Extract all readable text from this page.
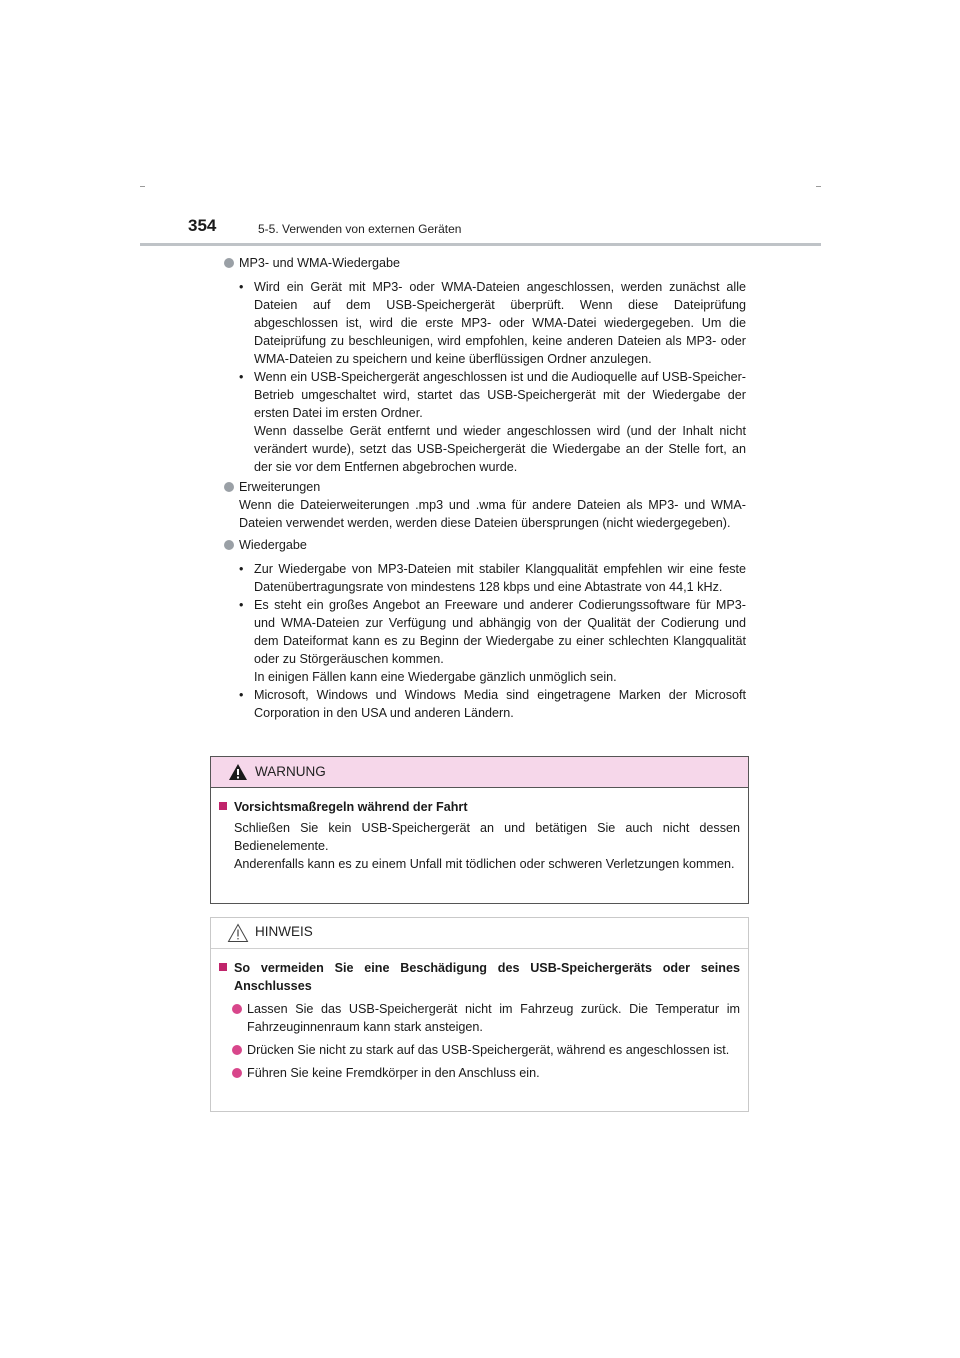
354	5-5. Verwenden von externen Geräten
MP3- und WMA-Wiedergabe
• Wird ein Gerät mit MP3- oder WMA-Dateien angeschlossen, werden zunächst alle Dateien auf dem USB-Speichergerät überprüft. Wenn diese Dateiprüfung abgeschlossen ist, wird die erste MP3- oder WMA-Datei wiedergegeben. Um die Dateiprüfung zu beschleunigen, wird empfohlen, keine anderen Dateien als MP3- oder WMA-Dateien zu speichern und keine überflüssigen Ordner anzulegen.
• Wenn ein USB-Speichergerät angeschlossen ist und die Audioquelle auf USB-Speicher-Betrieb umgeschaltet wird, startet das USB-Speichergerät mit der Wiedergabe der ersten Datei im ersten Ordner.
Wenn dasselbe Gerät entfernt und wieder angeschlossen wird (und der Inhalt nicht verändert wurde), setzt das USB-Speichergerät die Wiedergabe an der Stelle fort, an der sie vor dem Entfernen abgebrochen wurde.
Erweiterungen
Wenn die Dateierweiterungen .mp3 und .wma für andere Dateien als MP3- und WMA-Dateien verwendet werden, werden diese Dateien übersprungen (nicht wiedergegeben).
Wiedergabe
• Zur Wiedergabe von MP3-Dateien mit stabiler Klangqualität empfehlen wir eine feste Datenübertragungsrate von mindestens 128 kbps und eine Abtastrate von 44,1 kHz.
• Es steht ein großes Angebot an Freeware und anderer Codierungssoftware für MP3- und WMA-Dateien zur Verfügung und abhängig von der Qualität der Codierung und dem Dateiformat kann es zu Beginn der Wiedergabe zu einer schlechten Klangqualität oder zu Störgeräuschen kommen.
In einigen Fällen kann eine Wiedergabe gänzlich unmöglich sein.
• Microsoft, Windows und Windows Media sind eingetragene Marken der Microsoft Corporation in den USA und anderen Ländern.
WARNUNG
Vorsichtsmaßregeln während der Fahrt
Schließen Sie kein USB-Speichergerät an und betätigen Sie auch nicht dessen Bedienelemente.
Anderenfalls kann es zu einem Unfall mit tödlichen oder schweren Verletzungen kommen.
HINWEIS
So vermeiden Sie eine Beschädigung des USB-Speichergeräts oder seines Anschlusses
Lassen Sie das USB-Speichergerät nicht im Fahrzeug zurück. Die Temperatur im Fahrzeuginnenraum kann stark ansteigen.
Drücken Sie nicht zu stark auf das USB-Speichergerät, während es angeschlossen ist.
Führen Sie keine Fremdkörper in den Anschluss ein.
